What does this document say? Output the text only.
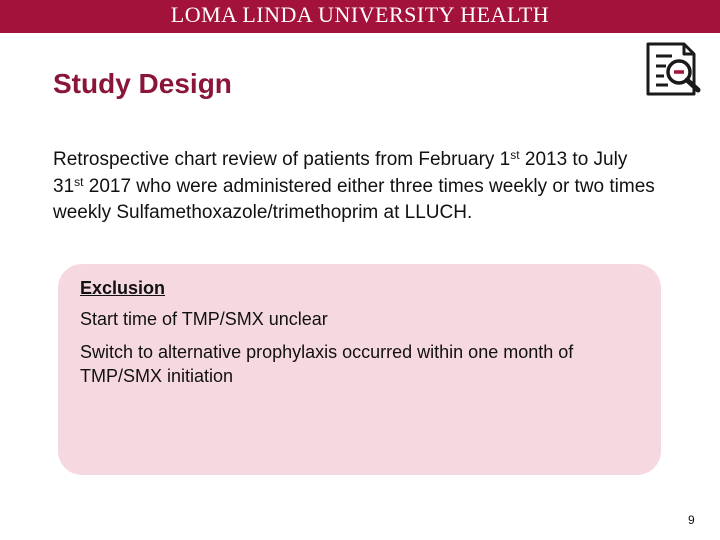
LOMA LINDA UNIVERSITY HEALTH
Study Design
Retrospective chart review of patients from February 1st 2013 to July 31st 2017 who were administered either three times weekly or two times weekly Sulfamethoxazole/trimethoprim at LLUCH.
Exclusion
Start time of TMP/SMX unclear
Switch to alternative prophylaxis occurred within one month of TMP/SMX initiation
9
